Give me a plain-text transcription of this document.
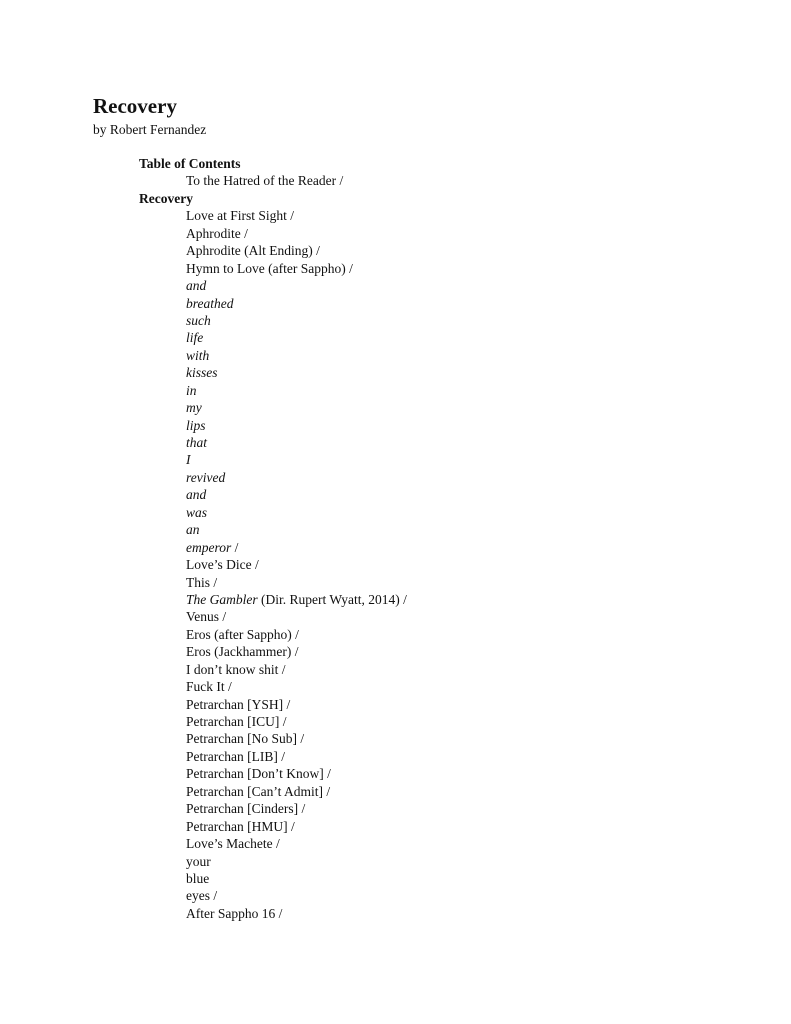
Recovery
by Robert Fernandez
Table of Contents
To the Hatred of the Reader /
Recovery
Love at First Sight /
Aphrodite /
Aphrodite (Alt Ending) /
Hymn to Love (after Sappho) /
and
breathed
such
life
with
kisses
in
my
lips
that
I
revived
and
was
an
emperor /
Love’s Dice /
This /
The Gambler (Dir. Rupert Wyatt, 2014) /
Venus /
Eros (after Sappho) /
Eros (Jackhammer) /
I don’t know shit /
Fuck It /
Petrarchan [YSH] /
Petrarchan [ICU] /
Petrarchan [No Sub] /
Petrarchan [LIB] /
Petrarchan [Don’t Know] /
Petrarchan [Can’t Admit] /
Petrarchan [Cinders] /
Petrarchan [HMU] /
Love’s Machete /
your
blue
eyes /
After Sappho 16 /
